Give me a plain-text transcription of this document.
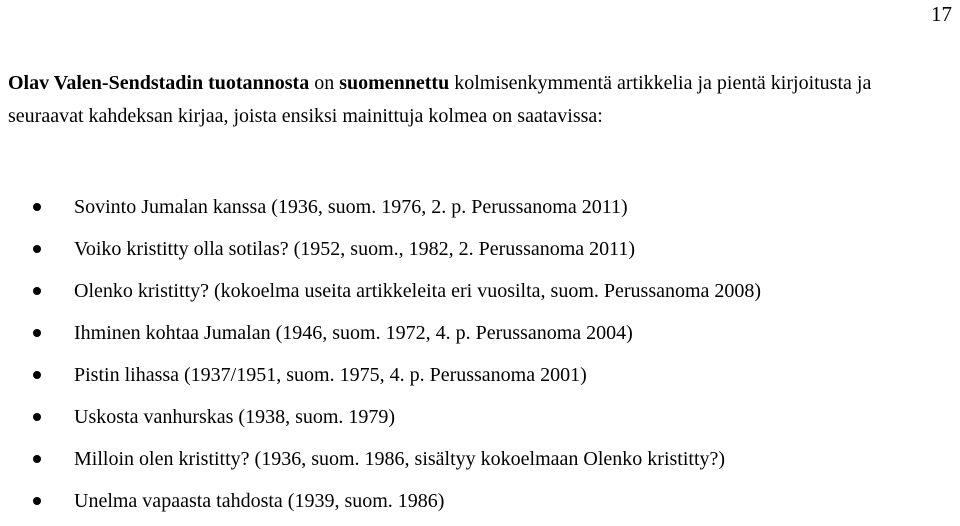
17

Olav Valen-Sendstadin tuotannosta on suomennettu kolmisenkymmentä artikkelia ja pientä kirjoitusta ja seuraavat kahdeksan kirjaa, joista ensiksi mainittuja kolmea on saatavissa:

Sovinto Jumalan kanssa (1936, suom. 1976, 2. p. Perussanoma 2011)
Voiko kristitty olla sotilas? (1952, suom., 1982, 2. Perussanoma 2011)
Olenko kristitty? (kokoelma useita artikkeleita eri vuosilta, suom. Perussanoma 2008)
Ihminen kohtaa Jumalan (1946, suom. 1972, 4. p. Perussanoma 2004)
Pistin lihassa (1937/1951, suom. 1975, 4. p. Perussanoma 2001)
Uskosta vanhurskas (1938, suom. 1979)
Milloin olen kristitty? (1936, suom. 1986, sisältyy kokoelmaan Olenko kristitty?)
Unelma vapaasta tahdosta (1939, suom. 1986)
